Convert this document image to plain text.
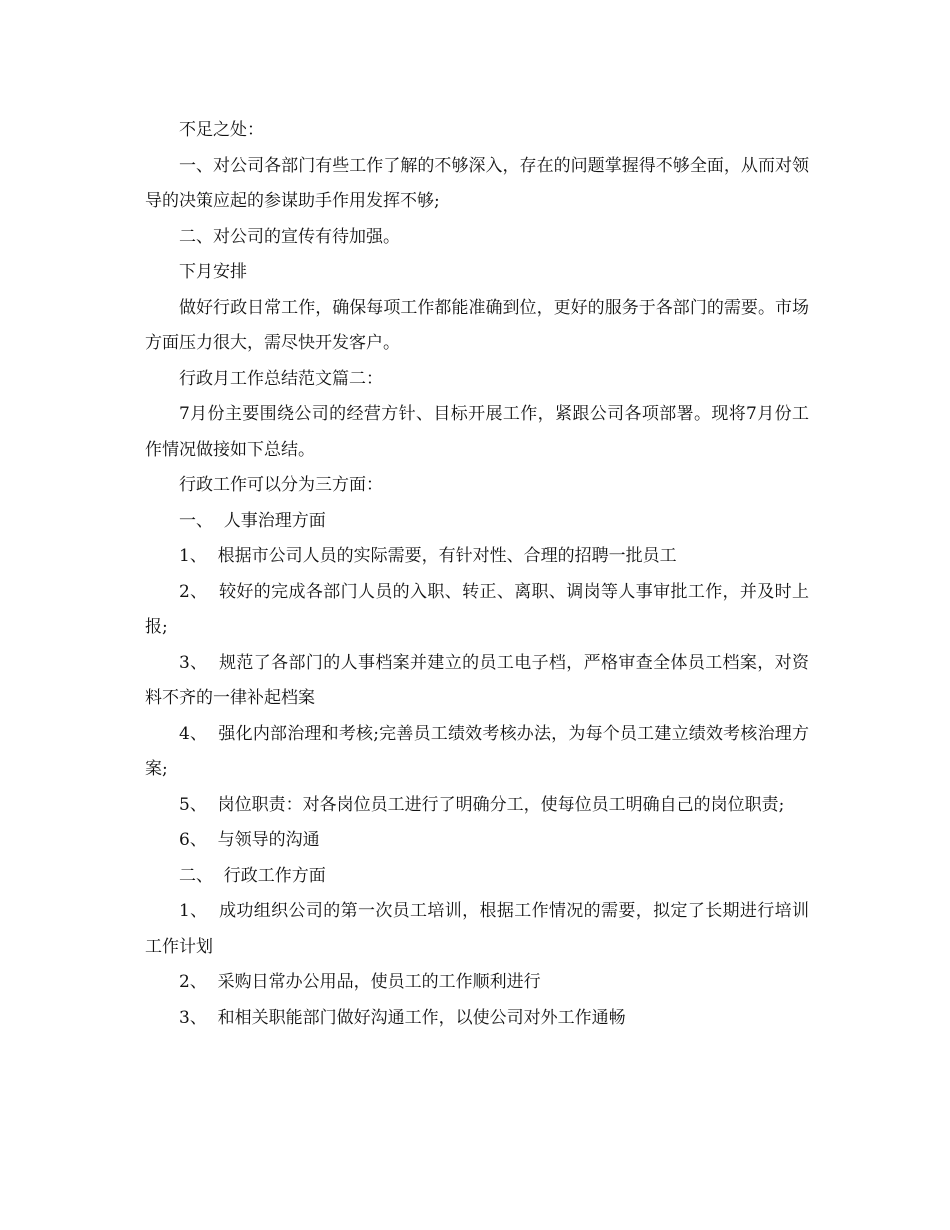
不足之处：

一、对公司各部门有些工作了解的不够深入，存在的问题掌握得不够全面，从而对领导的决策应起的参谋助手作用发挥不够;

二、对公司的宣传有待加强。

下月安排

做好行政日常工作，确保每项工作都能准确到位，更好的服务于各部门的需要。市场方面压力很大，需尽快开发客户。

行政月工作总结范文篇二：

7月份主要围绕公司的经营方针、目标开展工作，紧跟公司各项部署。现将7月份工作情况做接如下总结。

行政工作可以分为三方面：

一、  人事治理方面

1、  根据市公司人员的实际需要，有针对性、合理的招聘一批员工

2、  较好的完成各部门人员的入职、转正、离职、调岗等人事审批工作，并及时上报;

3、  规范了各部门的人事档案并建立的员工电子档，严格审查全体员工档案，对资料不齐的一律补起档案

4、  强化内部治理和考核;完善员工绩效考核办法，为每个员工建立绩效考核治理方案;

5、  岗位职责：对各岗位员工进行了明确分工，使每位员工明确自己的岗位职责;

6、  与领导的沟通

二、  行政工作方面

1、  成功组织公司的第一次员工培训，根据工作情况的需要，拟定了长期进行培训工作计划

2、  采购日常办公用品，使员工的工作顺利进行

3、  和相关职能部门做好沟通工作，以使公司对外工作通畅
